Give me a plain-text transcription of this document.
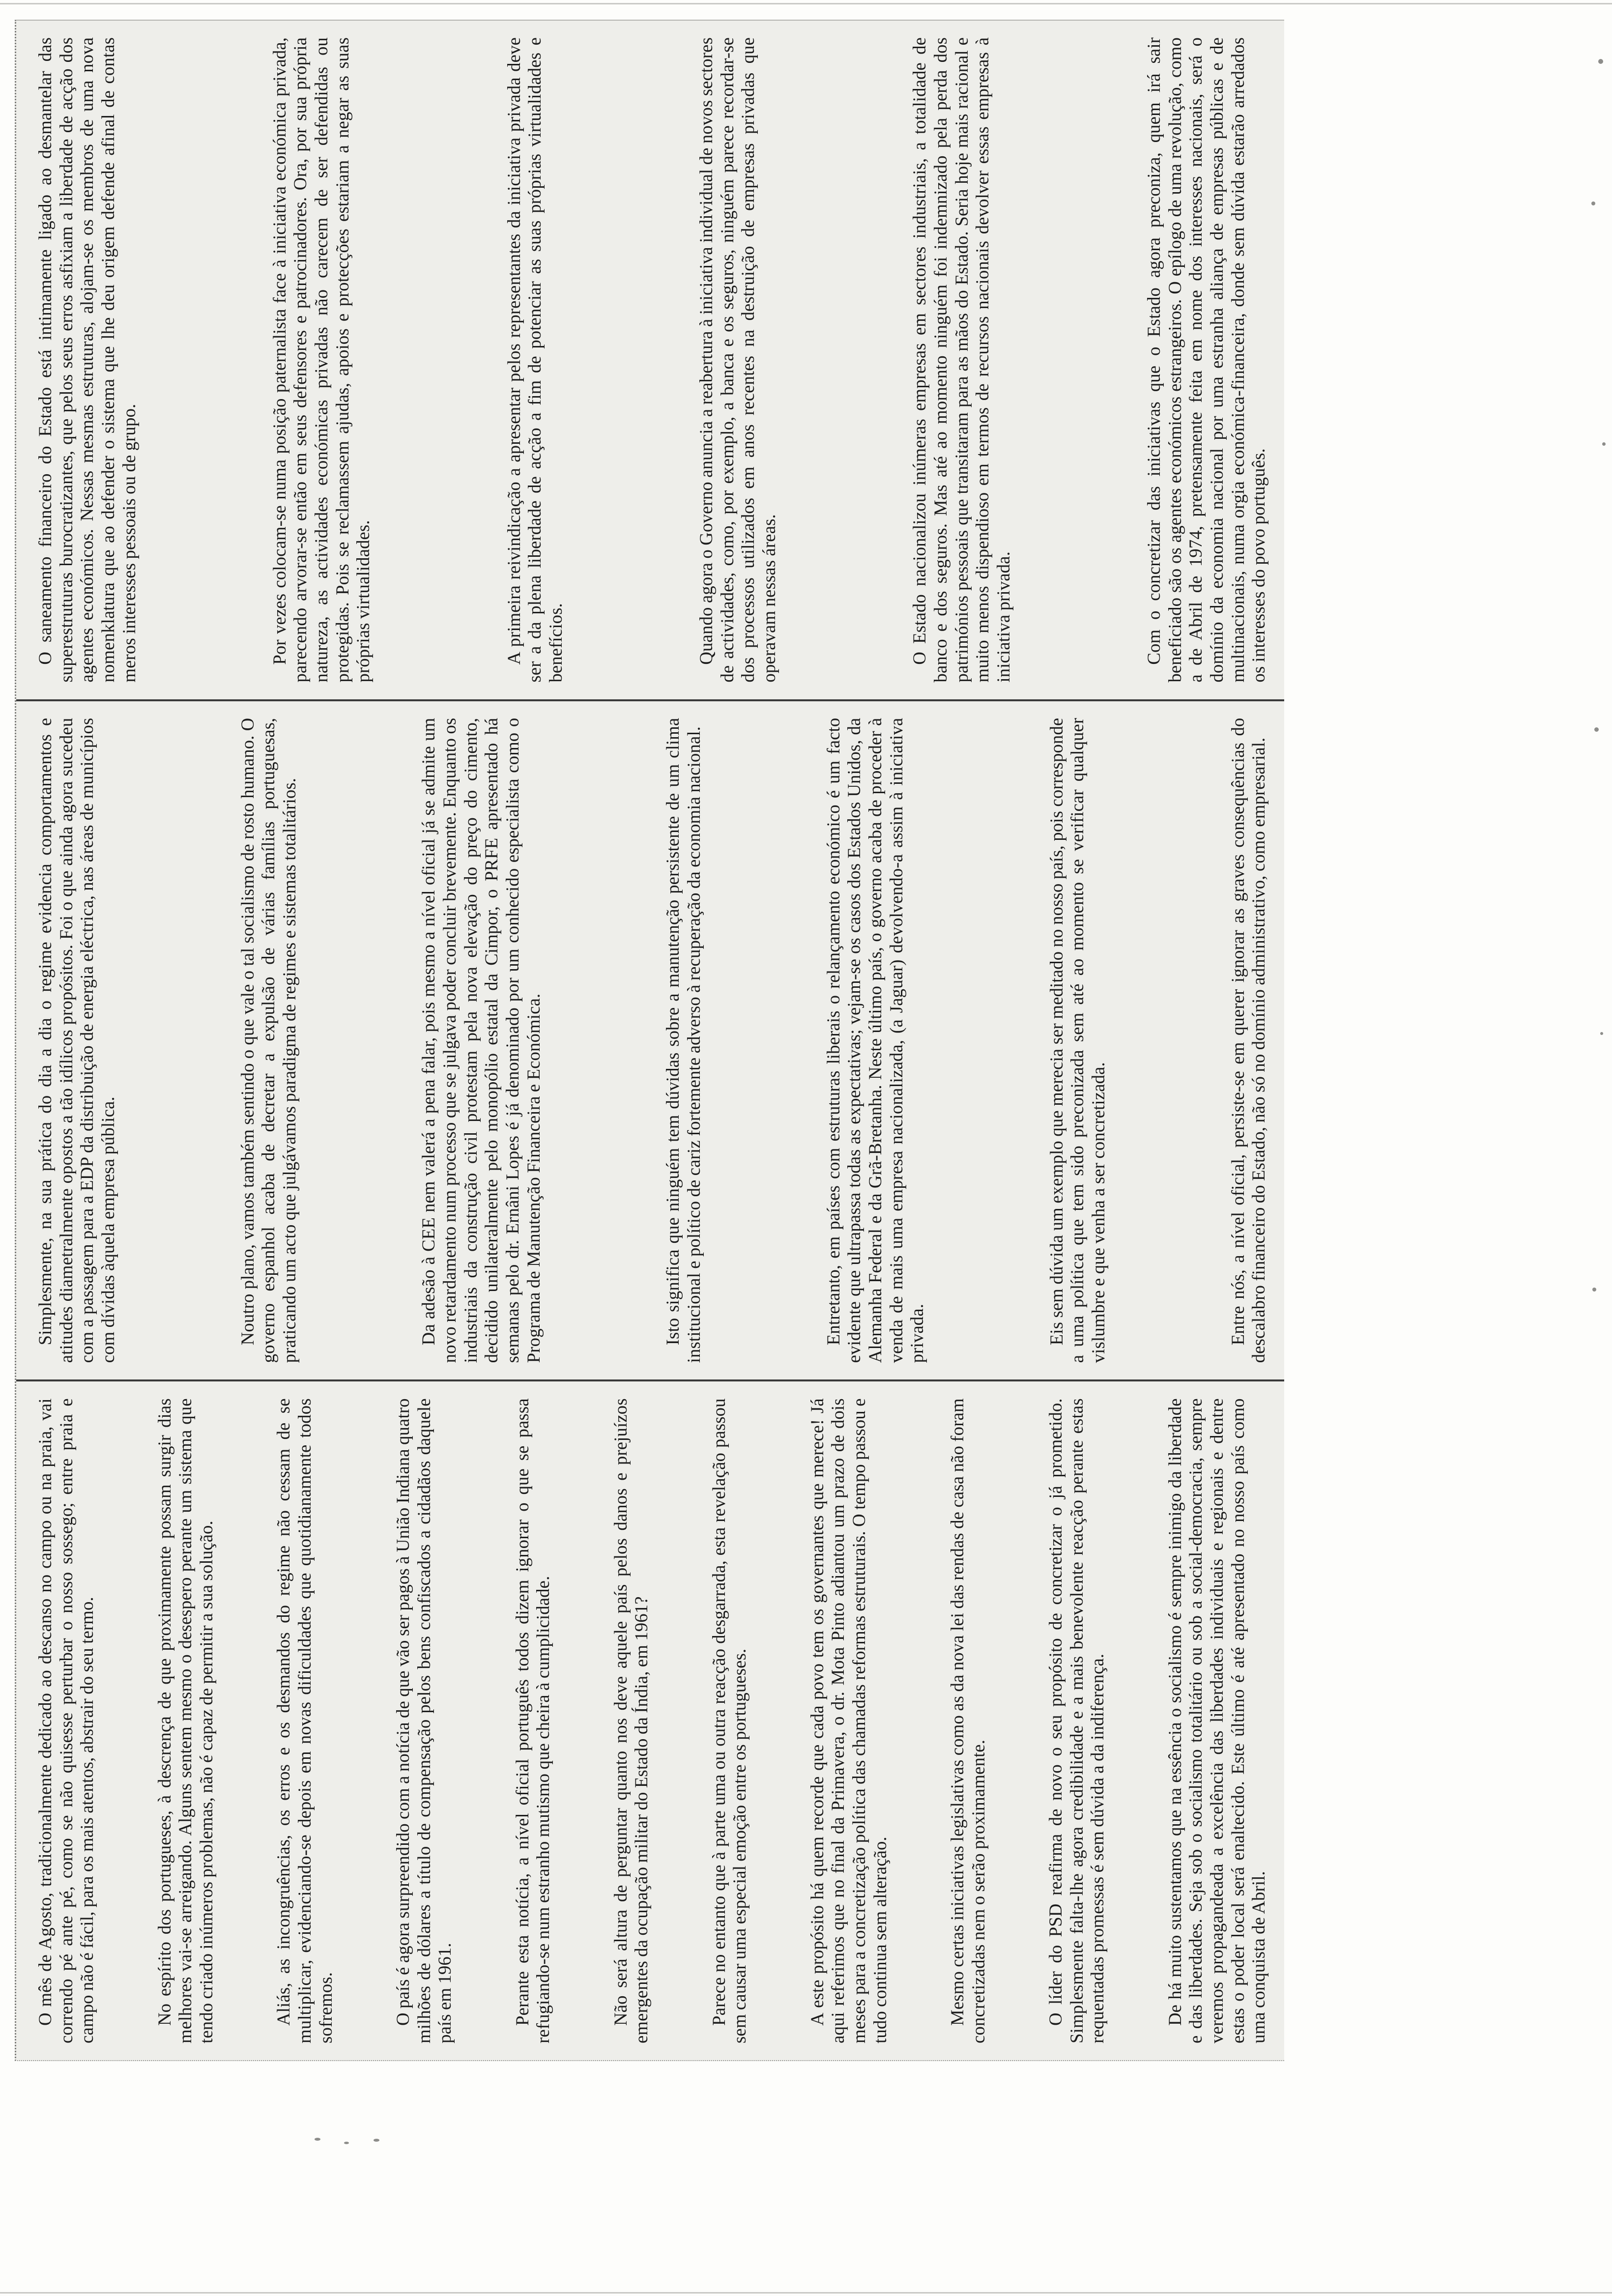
O mês de Agosto, tradicionalmente dedicado ao descanso no campo ou na praia, vai correndo pé ante pé, como se não quisesse perturbar o nosso sossego; entre praia e campo não é fácil, para os mais atentos, abstrair do seu termo.	No espírito dos portugueses, à descrença de que proximamente possam surgir dias melhores vai-se arreigando. Alguns sentem mesmo o desespero perante um sistema que tendo criado inúmeros problemas, não é capaz de permitir a sua solução.	Aliás, as incongruências, os erros e os desmandos do regime não cessam de se multiplicar, evidenciando-se depois em novas dificuldades que quotidianamente todos sofremos.	O país é agora surpreendido com a notícia de que vão ser pagos à União Indiana quatro milhões de dólares a título de compensação pelos bens confiscados a cidadãos daquele país em 1961.	Perante esta notícia, a nível oficial português todos dizem ignorar o que se passa refugiando-se num estranho mutismo que cheira à cumplicidade.	Não será altura de perguntar quanto nos deve aquele país pelos danos e prejuízos emergentes da ocupação militar do Estado da Índia, em 1961?	Parece no entanto que à parte uma ou outra reacção desgarrada, esta revelação passou sem causar uma especial emoção entre os portugueses.	A este propósito há quem recorde que cada povo tem os governantes que merece! Já aqui referimos que no final da Primavera, o dr. Mota Pinto adiantou um prazo de dois meses para a concretização política das chamadas reformas estruturais. O tempo passou e tudo continua sem alteração.	Mesmo certas iniciativas legislativas como as da nova lei das rendas de casa não foram concretizadas nem o serão proximamente.	O líder do PSD reafirma de novo o seu propósito de concretizar o já prometido. Simplesmente falta-lhe agora credibilidade e a mais benevolente reacção perante estas requentadas promessas é sem dúvida a da indiferença.	De há muito sustentamos que na essência o socialismo é sempre inimigo da liberdade e das liberdades. Seja sob o socialismo totalitário ou sob a social-democracia, sempre veremos propagandeada a excelência das liberdades individuais e regionais e dentre estas o poder local será enaltecido. Este último é até apresentado no nosso país como uma conquista de Abril.

Simplesmente, na sua prática do dia a dia o regime evidencia comportamentos e atitudes diametralmente opostos a tão idílicos propósitos. Foi o que ainda agora sucedeu com a passagem para a EDP da distribuição de energia eléctrica, nas áreas de municípios com dívidas àquela empresa pública.	Noutro plano, vamos também sentindo o que vale o tal socialismo de rosto humano. O governo espanhol acaba de decretar a expulsão de várias famílias portuguesas, praticando um acto que julgávamos paradigma de regimes e sistemas totalitários.	Da adesão à CEE nem valerá a pena falar, pois mesmo a nível oficial já se admite um novo retardamento num processo que se julgava poder concluir brevemente. Enquanto os industriais da construção civil protestam pela nova elevação do preço do cimento, decidido unilateralmente pelo monopólio estatal da Cimpor, o PRFE apresentado há semanas pelo dr. Ernâni Lopes é já denominado por um conhecido especialista como o Programa de Manutenção Financeira e Económica.	Isto significa que ninguém tem dúvidas sobre a manutenção persistente de um clima institucional e político de cariz fortemente adverso à recuperação da economia nacional.	Entretanto, em países com estruturas liberais o relançamento económico é um facto evidente que ultrapassa todas as expectativas; vejam-se os casos dos Estados Unidos, da Alemanha Federal e da Grã-Bretanha. Neste último país, o governo acaba de proceder à venda de mais uma empresa nacionalizada, (a Jaguar) devolvendo-a assim à iniciativa privada.	Eis sem dúvida um exemplo que merecia ser meditado no nosso país, pois corresponde a uma política que tem sido preconizada sem até ao momento se verificar qualquer vislumbre e que venha a ser concretizada.	Entre nós, a nível oficial, persiste-se em querer ignorar as graves consequências do descalabro financeiro do Estado, não só no domínio administrativo, como empresarial.

O saneamento financeiro do Estado está intimamente ligado ao desmantelar das superestruturas burocratizantes, que pelos seus erros asfixiam a liberdade de acção dos agentes económicos. Nessas mesmas estruturas, alojam-se os membros de uma nova nomenklatura que ao defender o sistema que lhe deu origem defende afinal de contas meros interesses pessoais ou de grupo.	Por vezes colocam-se numa posição paternalista face à iniciativa económica privada, parecendo arvorar-se então em seus defensores e patrocinadores. Ora, por sua própria natureza, as actividades económicas privadas não carecem de ser defendidas ou protegidas. Pois se reclamassem ajudas, apoios e protecções estariam a negar as suas próprias virtualidades.	A primeira reivindicação a apresentar pelos representantes da iniciativa privada deve ser a da plena liberdade de acção a fim de potenciar as suas próprias virtualidades e benefícios.	Quando agora o Governo anuncia a reabertura à iniciativa individual de novos sectores de actividades, como, por exemplo, a banca e os seguros, ninguém parece recordar-se dos processos utilizados em anos recentes na destruição de empresas privadas que operavam nessas áreas.	O Estado nacionalizou inúmeras empresas em sectores industriais, a totalidade de banco e dos seguros. Mas até ao momento ninguém foi indemnizado pela perda dos patrimónios pessoais que transitaram para as mãos do Estado. Seria hoje mais racional e muito menos dispendioso em termos de recursos nacionais devolver essas empresas à iniciativa privada.	Com o concretizar das iniciativas que o Estado agora preconiza, quem irá sair beneficiado são os agentes económicos estrangeiros. O epílogo de uma revolução, como a de Abril de 1974, pretensamente feita em nome dos interesses nacionais, será o domínio da economia nacional por uma estranha aliança de empresas públicas e de multinacionais, numa orgia económica-financeira, donde sem dúvida estarão arredados os interesses do povo português.
